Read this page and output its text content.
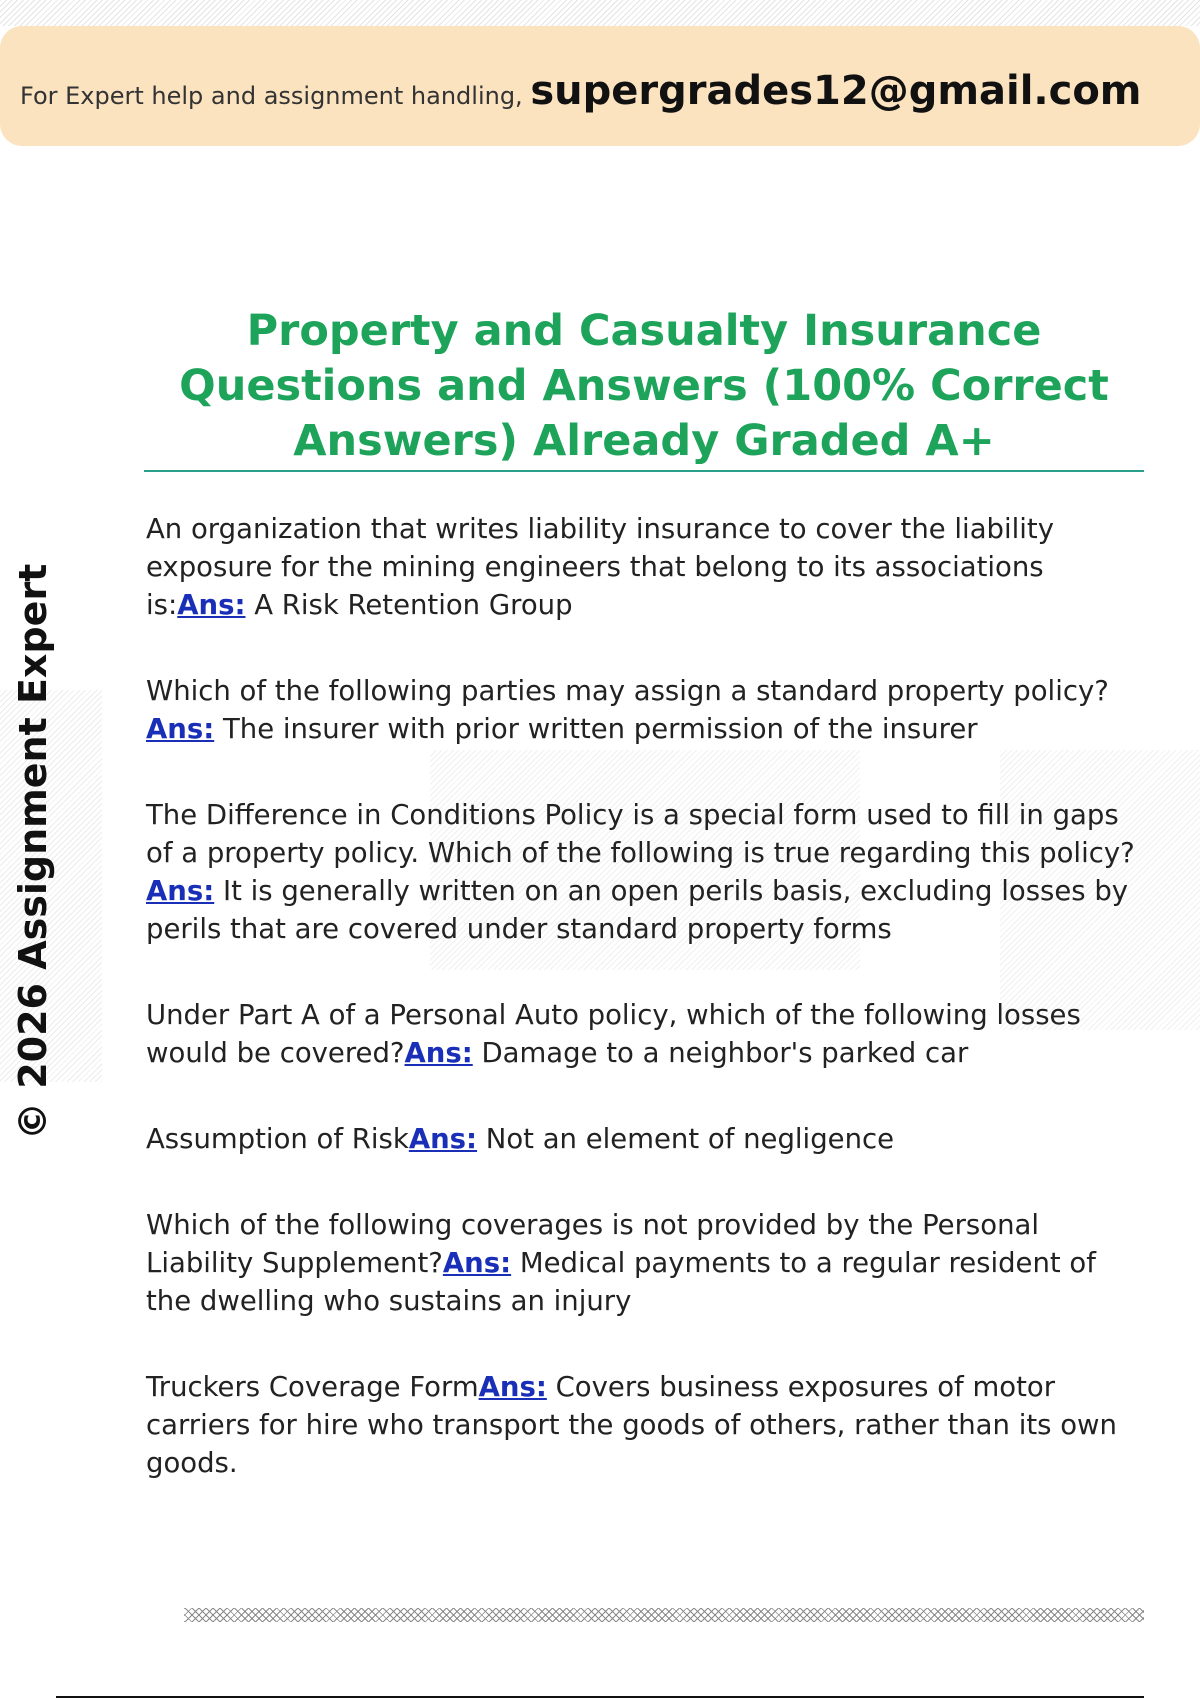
For Expert help and assignment handling, supergrades12@gmail.com
© 2026 Assignment Expert
Property and Casualty Insurance Questions and Answers (100% Correct Answers) Already Graded A+
An organization that writes liability insurance to cover the liability exposure for the mining engineers that belong to its associations is:Ans: A Risk Retention Group
Which of the following parties may assign a standard property policy?Ans: The insurer with prior written permission of the insurer
The Difference in Conditions Policy is a special form used to fill in gaps of a property policy. Which of the following is true regarding this policy?Ans: It is generally written on an open perils basis, excluding losses by perils that are covered under standard property forms
Under Part A of a Personal Auto policy, which of the following losses would be covered?Ans: Damage to a neighbor's parked car
Assumption of RiskAns: Not an element of negligence
Which of the following coverages is not provided by the Personal Liability Supplement?Ans: Medical payments to a regular resident of the dwelling who sustains an injury
Truckers Coverage FormAns: Covers business exposures of motor carriers for hire who transport the goods of others, rather than its own goods.
